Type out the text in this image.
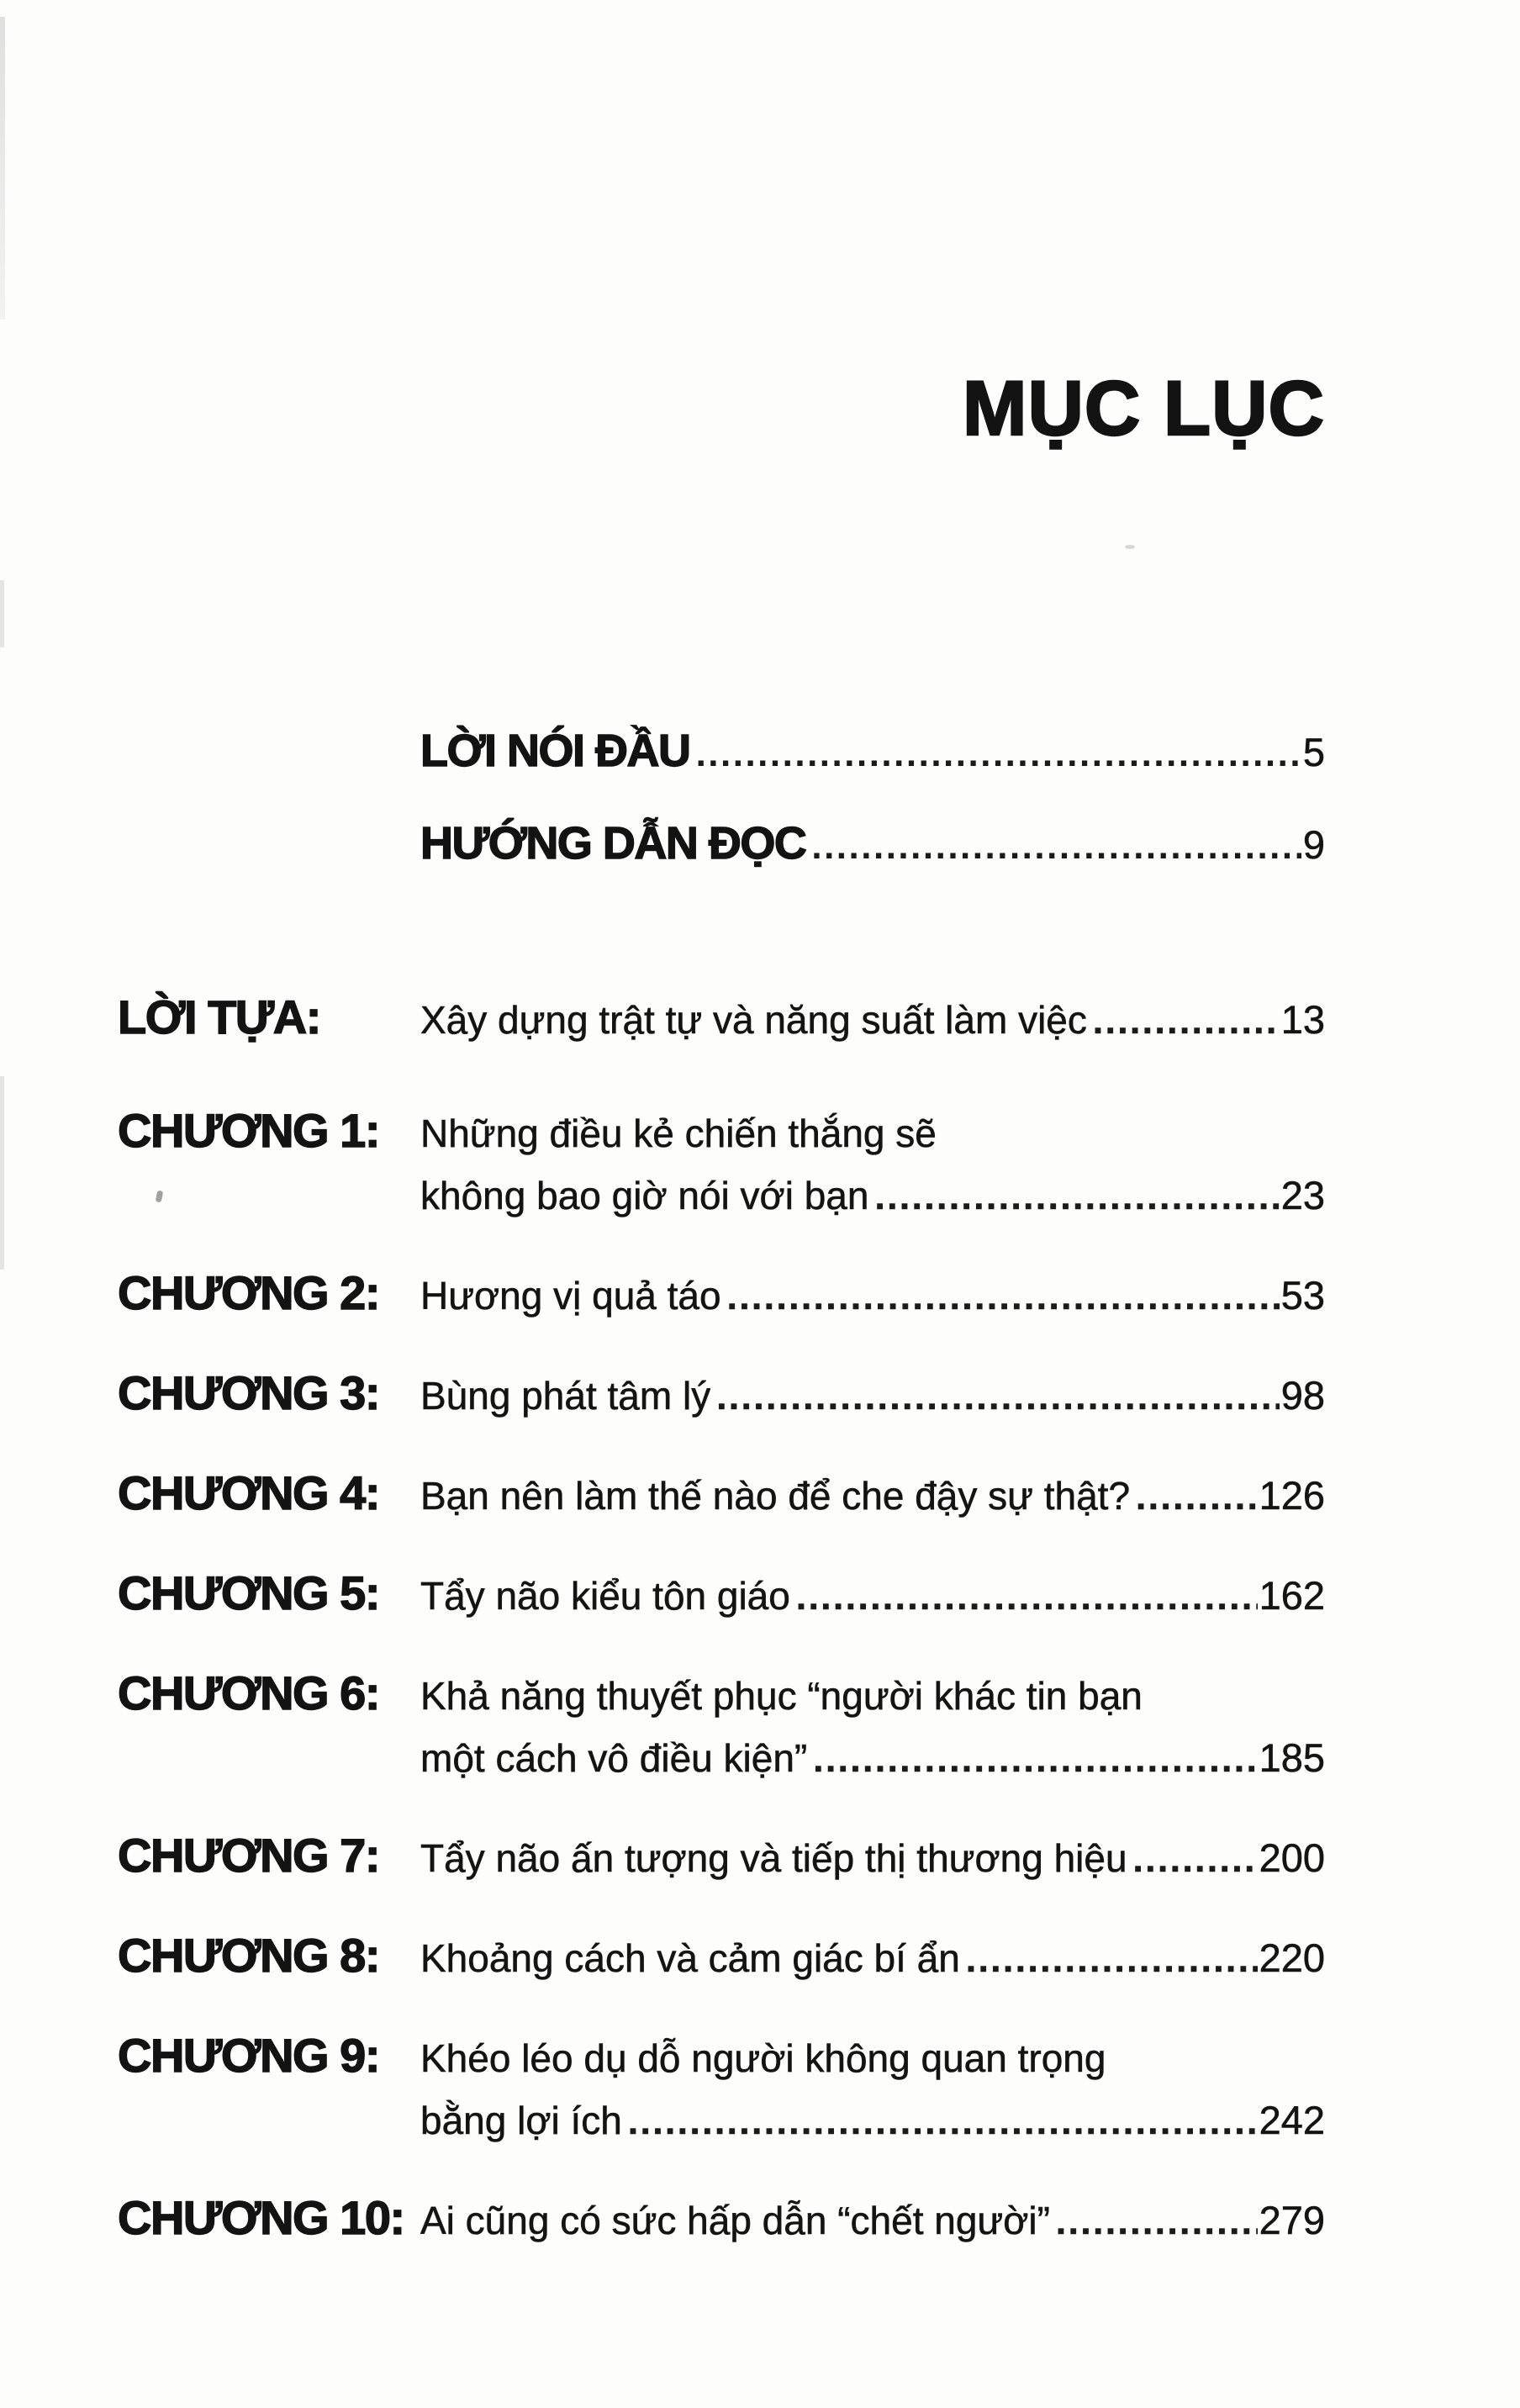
MỤC LỤC
LỜI NÓI ĐẦU .....	5
HƯỚNG DẪN ĐỌC .....	9
LỜI TỰA:	Xây dựng trật tự và năng suất làm việc .....	13
CHƯƠNG 1:	Những điều kẻ chiến thắng sẽ
không bao giờ nói với bạn .....	23
CHƯƠNG 2:	Hương vị quả táo .....	53
CHƯƠNG 3:	Bùng phát tâm lý .....	98
CHƯƠNG 4:	Bạn nên làm thế nào để che đậy sự thật? .....	126
CHƯƠNG 5:	Tẩy não kiểu tôn giáo .....	162
CHƯƠNG 6:	Khả năng thuyết phục “người khác tin bạn
một cách vô điều kiện” .....	185
CHƯƠNG 7:	Tẩy não ấn tượng và tiếp thị thương hiệu .....	200
CHƯƠNG 8:	Khoảng cách và cảm giác bí ẩn .....	220
CHƯƠNG 9:	Khéo léo dụ dỗ người không quan trọng
bằng lợi ích .....	242
CHƯƠNG 10: Ai cũng có sức hấp dẫn “chết người” .....	279
